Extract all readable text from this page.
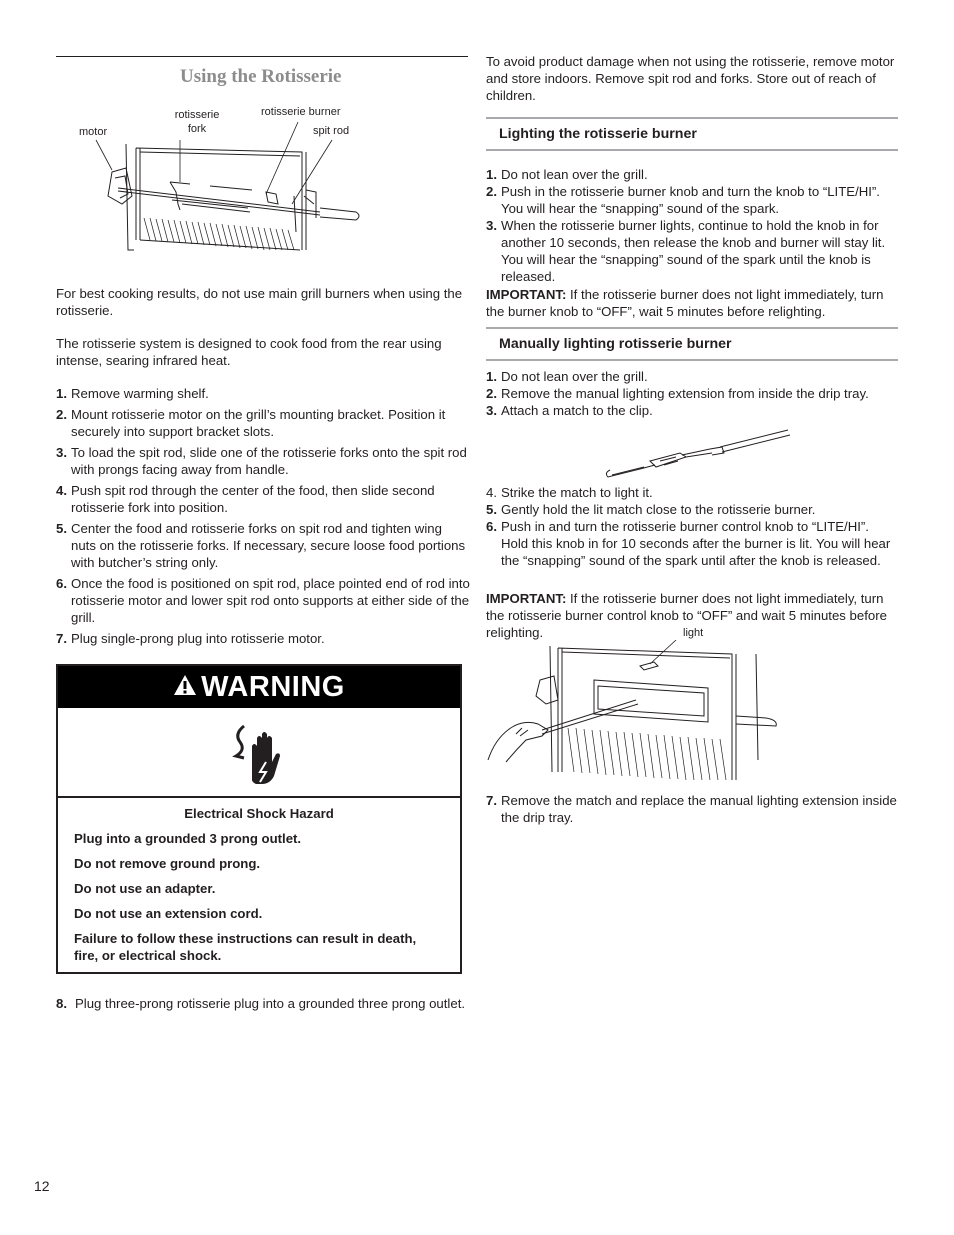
Using the Rotisserie
motor
rotisserie
fork
rotisserie burner
spit rod
For best cooking results, do not use main grill burners when using the rotisserie.
The rotisserie system is designed to cook food from the rear using intense, searing infrared heat.
1. Remove warming shelf.
2. Mount rotisserie motor on the grill’s mounting bracket. Position it securely into support bracket slots.
3. To load the spit rod, slide one of the rotisserie forks onto the spit rod with prongs facing away from handle.
4. Push spit rod through the center of the food, then slide second rotisserie fork into position.
5. Center the food and rotisserie forks on spit rod and tighten wing nuts on the rotisserie forks. If necessary, secure loose food portions with butcher’s string only.
6. Once the food is positioned on spit rod, place pointed end of rod into rotisserie motor and lower spit rod onto supports at either side of the grill.
7. Plug single-prong plug into rotisserie motor.
WARNING
Electrical Shock Hazard
Plug into a grounded 3 prong outlet.
Do not remove ground prong.
Do not use an adapter.
Do not use an extension cord.
Failure to follow these instructions can result in death, fire, or electrical shock.
8. Plug three-prong rotisserie plug into a grounded three prong outlet.
To avoid product damage when not using the rotisserie, remove motor and store indoors. Remove spit rod and forks. Store out of reach of children.
Lighting the rotisserie burner
1. Do not lean over the grill.
2. Push in the rotisserie burner knob and turn the knob to “LITE/HI”. You will hear the “snapping” sound of the spark.
3. When the rotisserie burner lights, continue to hold the knob in for another 10 seconds, then release the knob and burner will stay lit. You will hear the “snapping” sound of the spark until the knob is released.
IMPORTANT: If the rotisserie burner does not light immediately, turn the burner knob to “OFF”, wait 5 minutes before relighting.
Manually lighting rotisserie burner
1. Do not lean over the grill.
2. Remove the manual lighting extension from inside the drip tray.
3. Attach a match to the clip.
4. Strike the match to light it.
5. Gently hold the lit match close to the rotisserie burner.
6. Push in and turn the rotisserie burner control knob to “LITE/HI”. Hold this knob in for 10 seconds after the burner is lit. You will hear the “snapping” sound of the spark until after the knob is released.
IMPORTANT: If the rotisserie burner does not light immediately, turn the rotisserie burner control knob to “OFF” and wait 5 minutes before relighting.	light
7. Remove the match and replace the manual lighting extension inside the drip tray.
12
